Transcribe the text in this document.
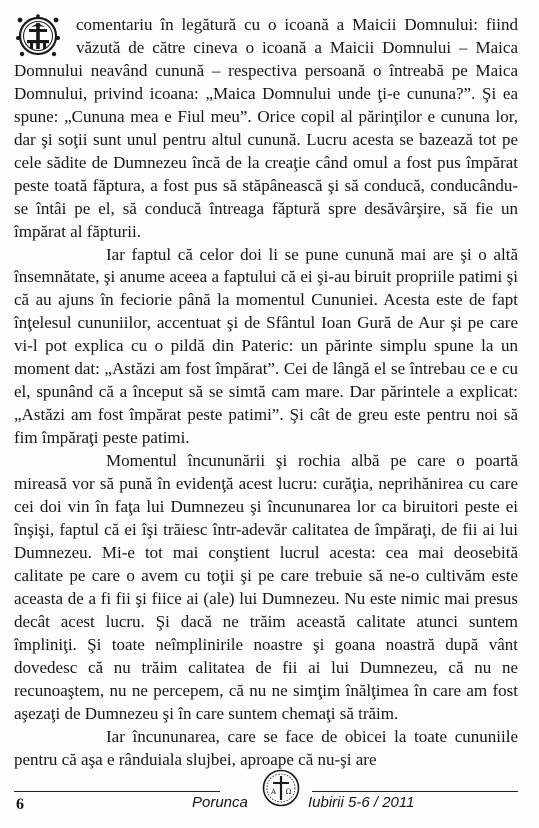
comentariu în legătură cu o icoană a Maicii Domnului: fiind văzută de către cineva o icoană a Maicii Domnului – Maica Domnului neavând cunună – respectiva persoană o întreabă pe Maica Domnului, privind icoana: „Maica Domnului unde ţi-e cununa?”. Şi ea spune: „Cununa mea e Fiul meu”. Orice copil al părinţilor e cununa lor, dar şi soţii sunt unul pentru altul cunună. Lucru acesta se bazează tot pe cele sădite de Dumnezeu încă de la creaţie când omul a fost pus împărat peste toată făptura, a fost pus să stăpânească şi să conducă, conducându-se întâi pe el, să conducă întreaga făptură spre desăvârşire, să fie un împărat al făpturii.

Iar faptul că celor doi li se pune cunună mai are şi o altă însemnătate, şi anume aceea a faptului că ei şi-au biruit propriile patimi şi că au ajuns în feciorie până la momentul Cununiei. Acesta este de fapt înţelesul cununiilor, accentuat şi de Sfântul Ioan Gură de Aur şi pe care vi-l pot explica cu o pildă din Pateric: un părinte simplu spune la un moment dat: „Astăzi am fost împărat”. Cei de lângă el se întrebau ce e cu el, spunând că a început să se simtă cam mare. Dar părintele a explicat: „Astăzi am fost împărat peste patimi”. Şi cât de greu este pentru noi să fim împăraţi peste patimi.

Momentul încununării şi rochia albă pe care o poartă mireasă vor să pună în evidenţă acest lucru: curăţia, neprihănirea cu care cei doi vin în faţa lui Dumnezeu şi încununarea lor ca biruitori peste ei înşişi, faptul că ei îşi trăiesc într-adevăr calitatea de împăraţi, de fii ai lui Dumnezeu. Mi-e tot mai conştient lucrul acesta: cea mai deosebită calitate pe care o avem cu toţii şi pe care trebuie să ne-o cultivăm este aceasta de a fi fii şi fiice ai (ale) lui Dumnezeu. Nu este nimic mai presus decât acest lucru. Şi dacă ne trăim această calitate atunci suntem împliniţi. Şi toate neîmplinirile noastre şi goana noastră după vânt dovedesc că nu trăim calitatea de fii ai lui Dumnezeu, că nu ne recunoaştem, nu ne percepem, că nu ne simţim înălţimea în care am fost aşezaţi de Dumnezeu şi în care suntem chemaţi să trăim.

Iar încununarea, care se face de obicei la toate cununiile pentru că aşa e rânduiala slujbei, aproape că nu-şi are

6	Porunca	Iubirii 5-6 / 2011
Α Ω
